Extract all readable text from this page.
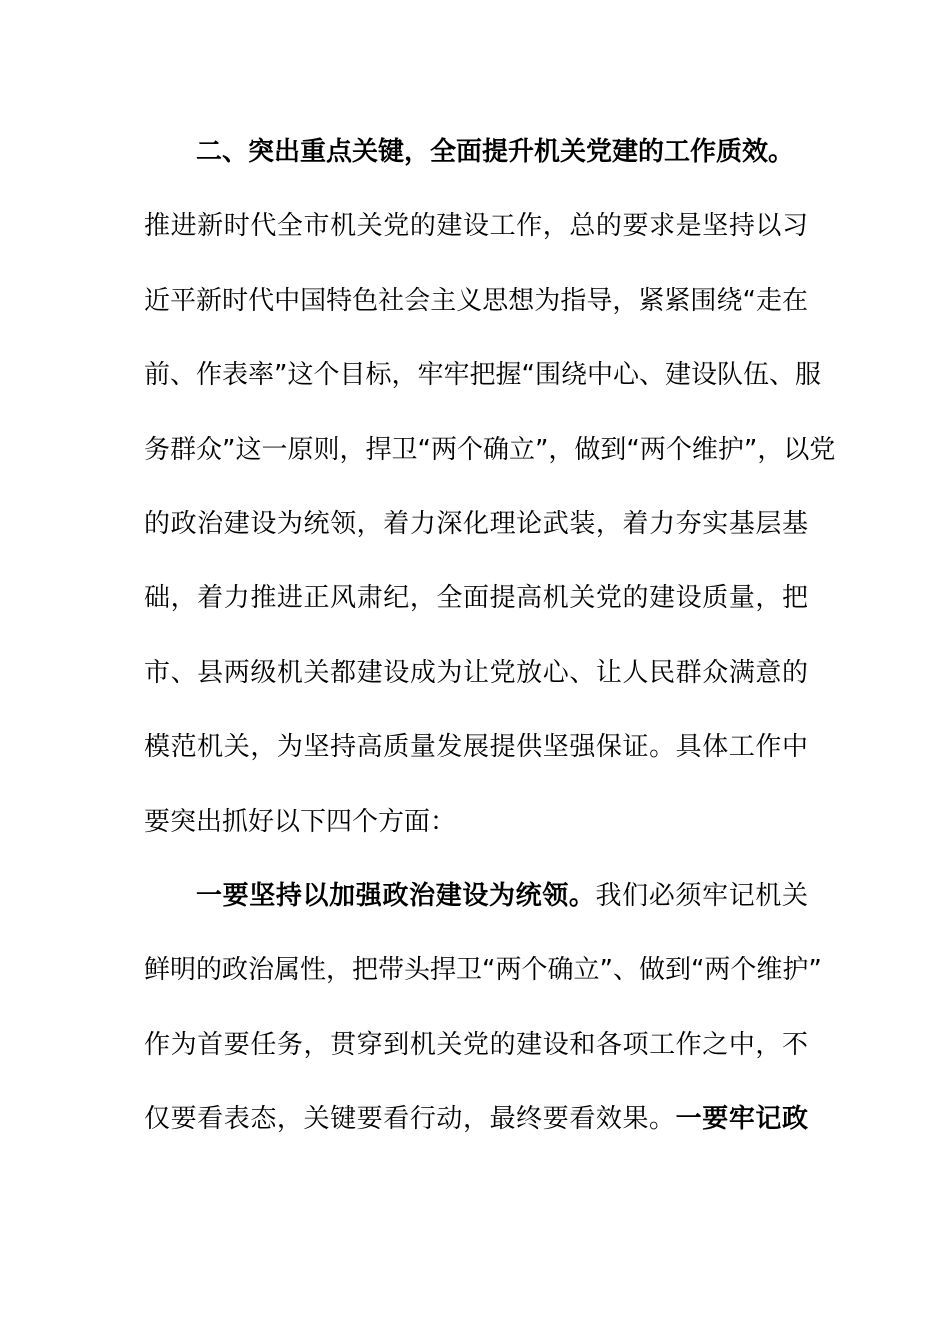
二、突出重点关键，全面提升机关党建的工作质效。
推进新时代全市机关党的建设工作，总的要求是坚持以习
近平新时代中国特色社会主义思想为指导，紧紧围绕“走在
前、作表率”这个目标，牢牢把握“围绕中心、建设队伍、服
务群众”这一原则，捍卫“两个确立”，做到“两个维护”，以党
的政治建设为统领，着力深化理论武装，着力夯实基层基
础，着力推进正风肃纪，全面提高机关党的建设质量，把
市、县两级机关都建设成为让党放心、让人民群众满意的
模范机关，为坚持高质量发展提供坚强保证。具体工作中
要突出抓好以下四个方面：
一要坚持以加强政治建设为统领。我们必须牢记机关
鲜明的政治属性，把带头捍卫“两个确立”、做到“两个维护”
作为首要任务，贯穿到机关党的建设和各项工作之中，不
仅要看表态，关键要看行动，最终要看效果。一要牢记政
